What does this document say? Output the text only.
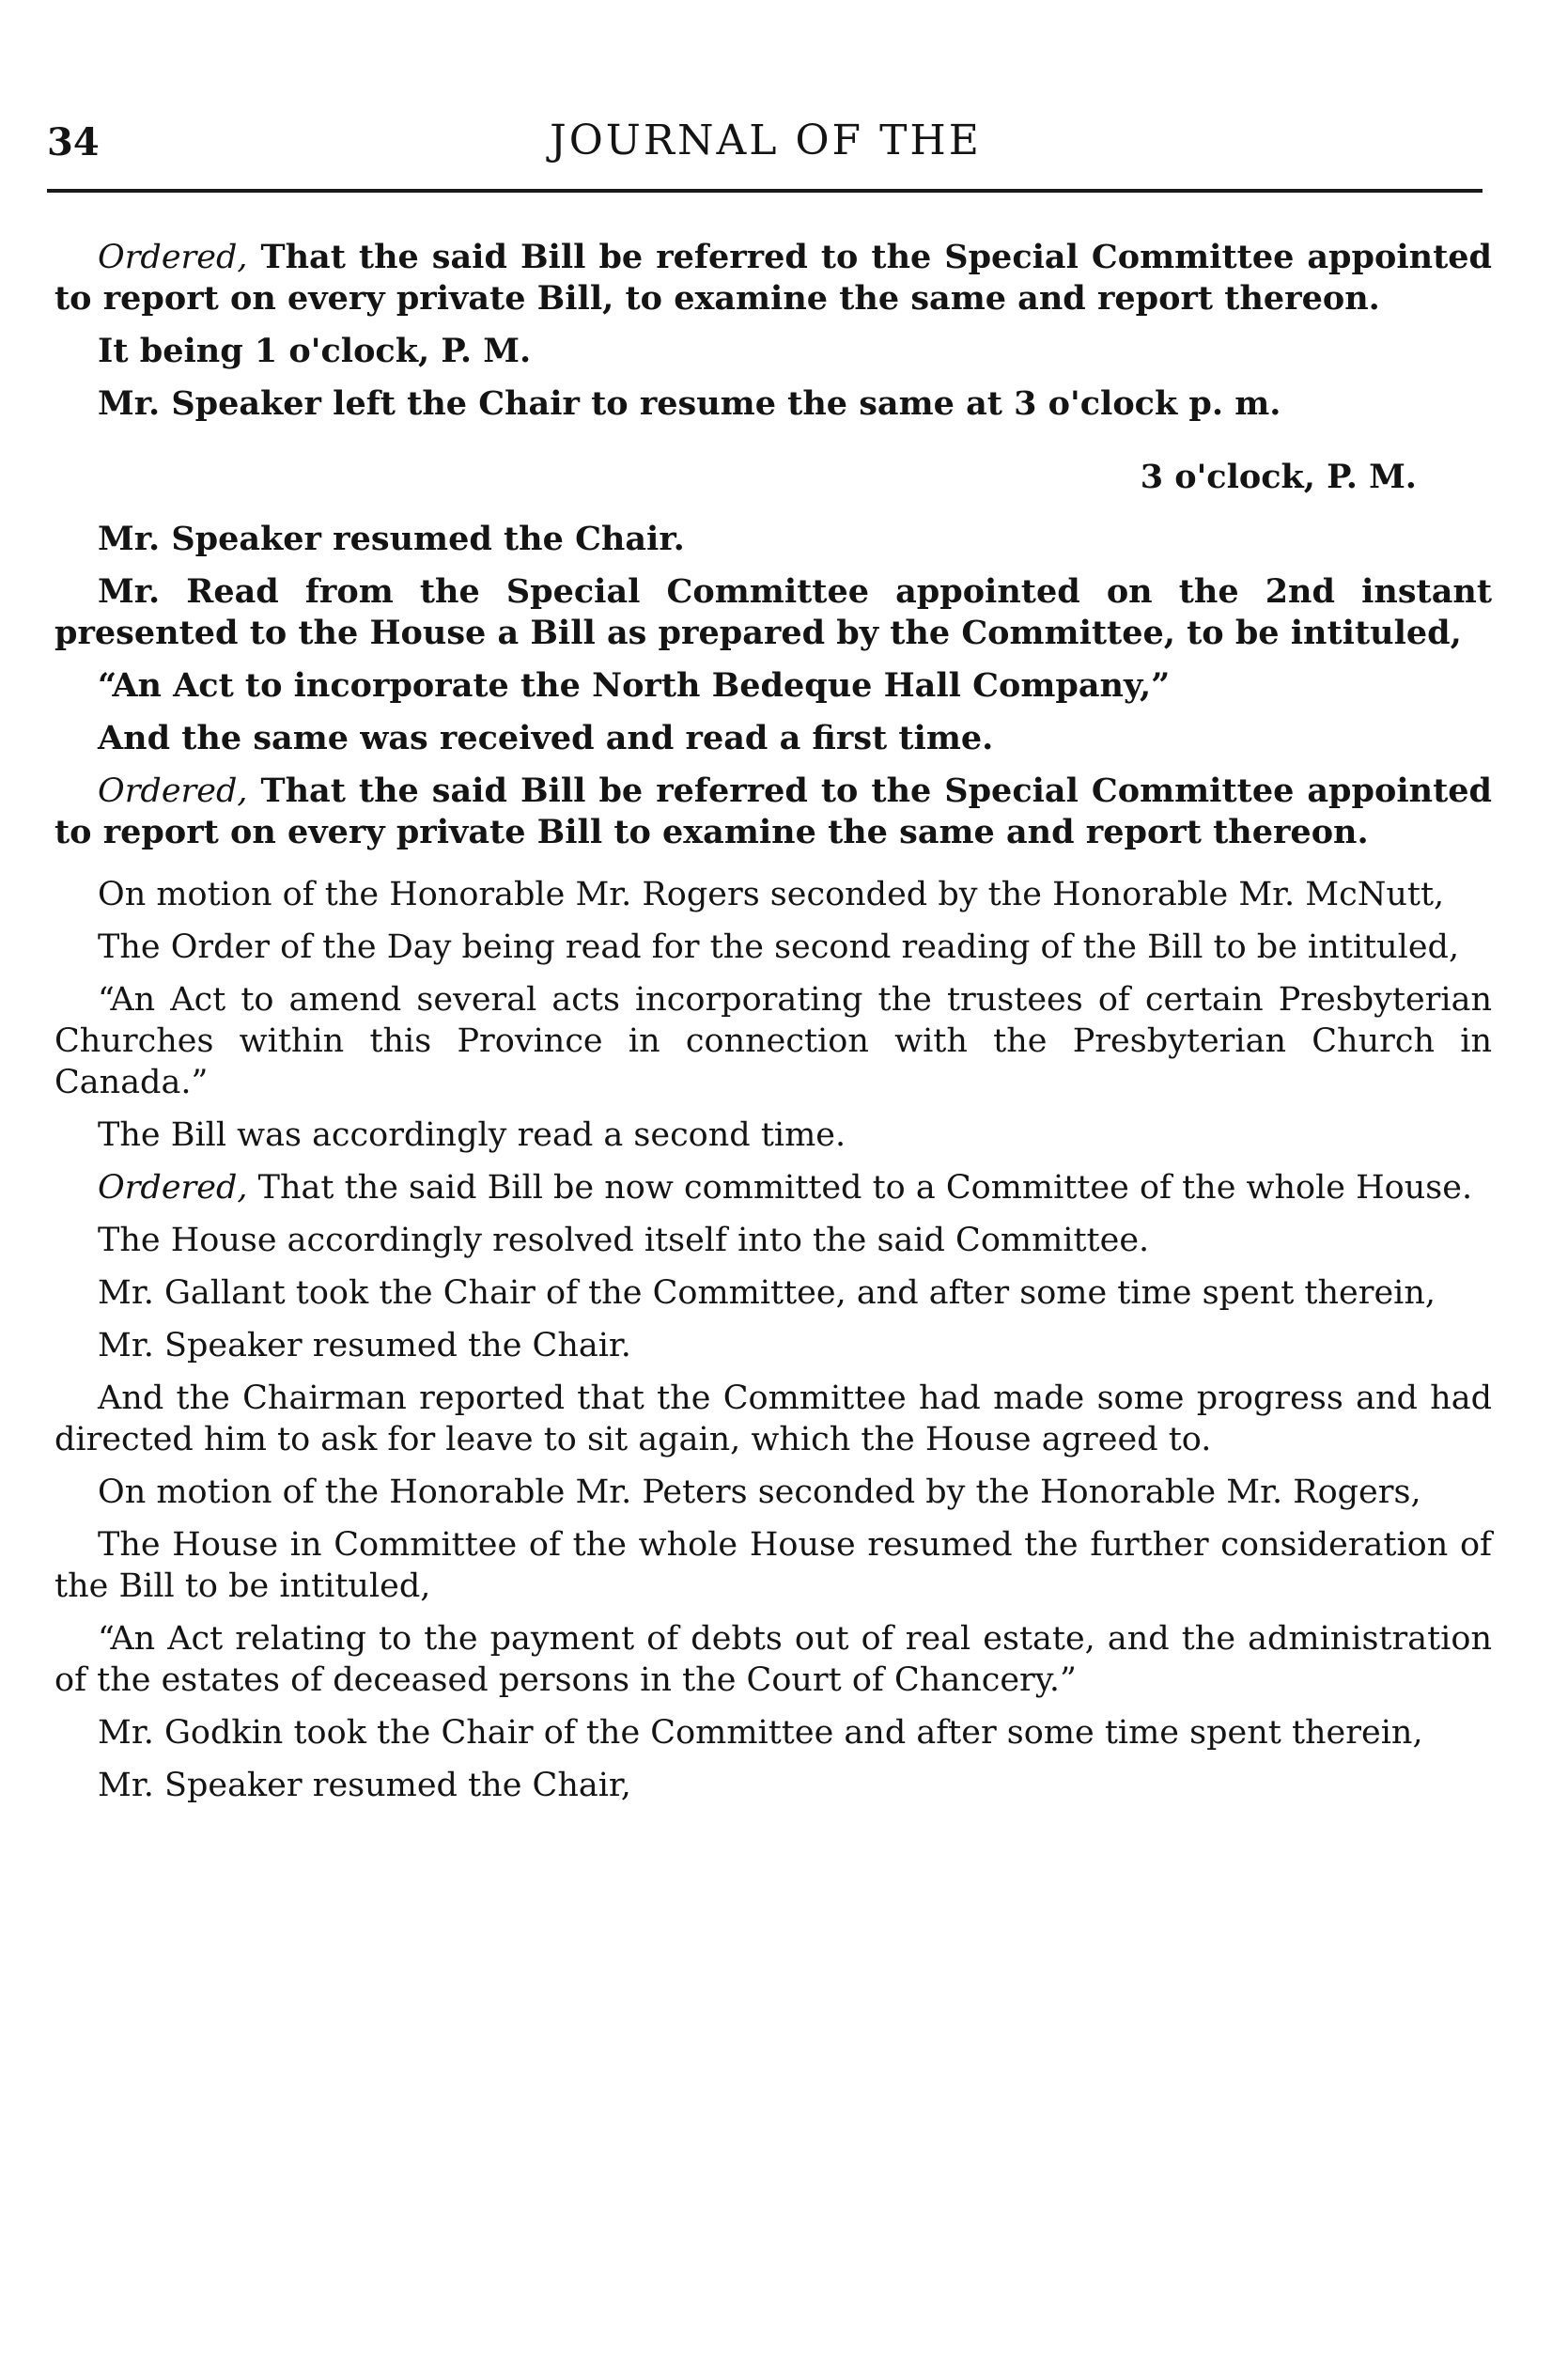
34	JOURNAL OF THE

Ordered, That the said Bill be referred to the Special Committee appointed to report on every private Bill, to examine the same and report thereon.

It being 1 o'clock, P. M.

Mr. Speaker left the Chair to resume the same at 3 o'clock p. m.

3 o'clock, P. M.

Mr. Speaker resumed the Chair.

Mr. Read from the Special Committee appointed on the 2nd instant presented to the House a Bill as prepared by the Committee, to be intituled,

“An Act to incorporate the North Bedeque Hall Company,”

And the same was received and read a first time.

Ordered, That the said Bill be referred to the Special Committee appointed to report on every private Bill to examine the same and report thereon.

On motion of the Honorable Mr. Rogers seconded by the Honorable Mr. McNutt,

The Order of the Day being read for the second reading of the Bill to be intituled,

“An Act to amend several acts incorporating the trustees of certain Presbyterian Churches within this Province in connection with the Presbyterian Church in Canada.”

The Bill was accordingly read a second time.

Ordered, That the said Bill be now committed to a Committee of the whole House.

The House accordingly resolved itself into the said Committee.

Mr. Gallant took the Chair of the Committee, and after some time spent therein,

Mr. Speaker resumed the Chair.

And the Chairman reported that the Committee had made some progress and had directed him to ask for leave to sit again, which the House agreed to.

On motion of the Honorable Mr. Peters seconded by the Honorable Mr. Rogers,

The House in Committee of the whole House resumed the further consideration of the Bill to be intituled,

“An Act relating to the payment of debts out of real estate, and the administration of the estates of deceased persons in the Court of Chancery.”

Mr. Godkin took the Chair of the Committee and after some time spent therein,

Mr. Speaker resumed the Chair,
